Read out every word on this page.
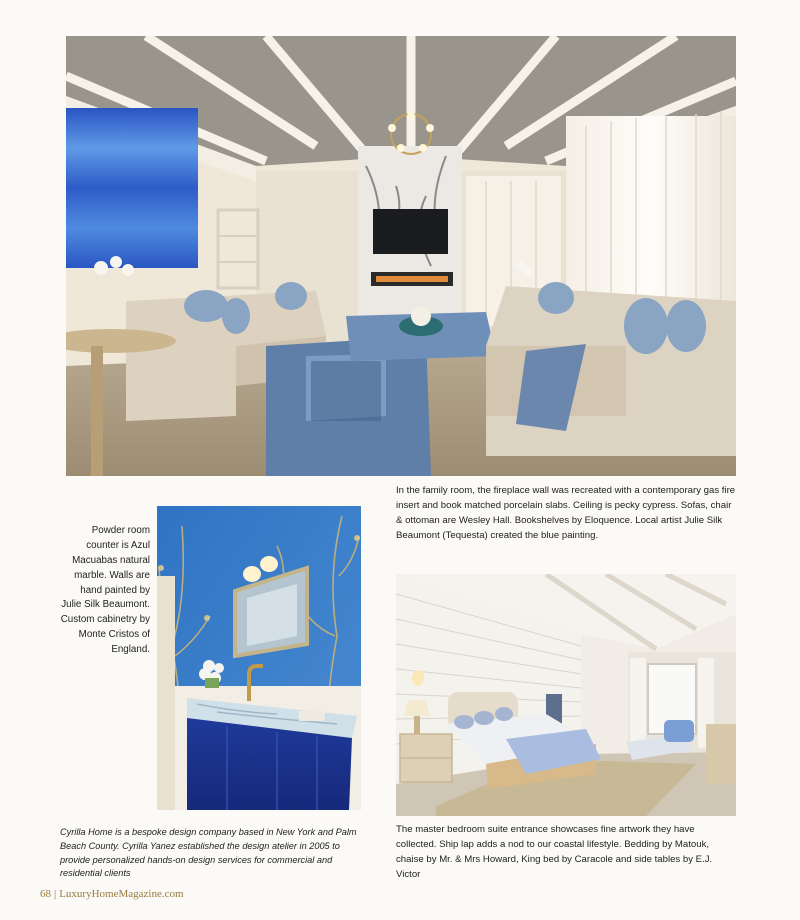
In the family room, the fireplace wall was recreated with a contemporary gas fire insert and book matched porcelain slabs. Ceiling is pecky cypress. Sofas, chair & ottoman are Wesley Hall. Bookshelves by Eloquence. Local artist Julie Silk Beaumont (Tequesta) created the blue painting.
Powder room counter is Azul Macuabas natural marble. Walls are hand painted by Julie Silk Beaumont. Custom cabinetry by Monte Cristos of England.
The master bedroom suite entrance showcases fine artwork they have collected. Ship lap adds a nod to our coastal lifestyle. Bedding by Matouk, chaise by Mr. & Mrs Howard, King bed by Caracole and side tables by E.J. Victor
Cyrilla Home is a bespoke design company based in New York and Palm Beach County. Cyrilla Yanez established the design atelier in 2005 to provide personalized hands-on design services for commercial and residential clients
68 | LuxuryHomeMagazine.com
